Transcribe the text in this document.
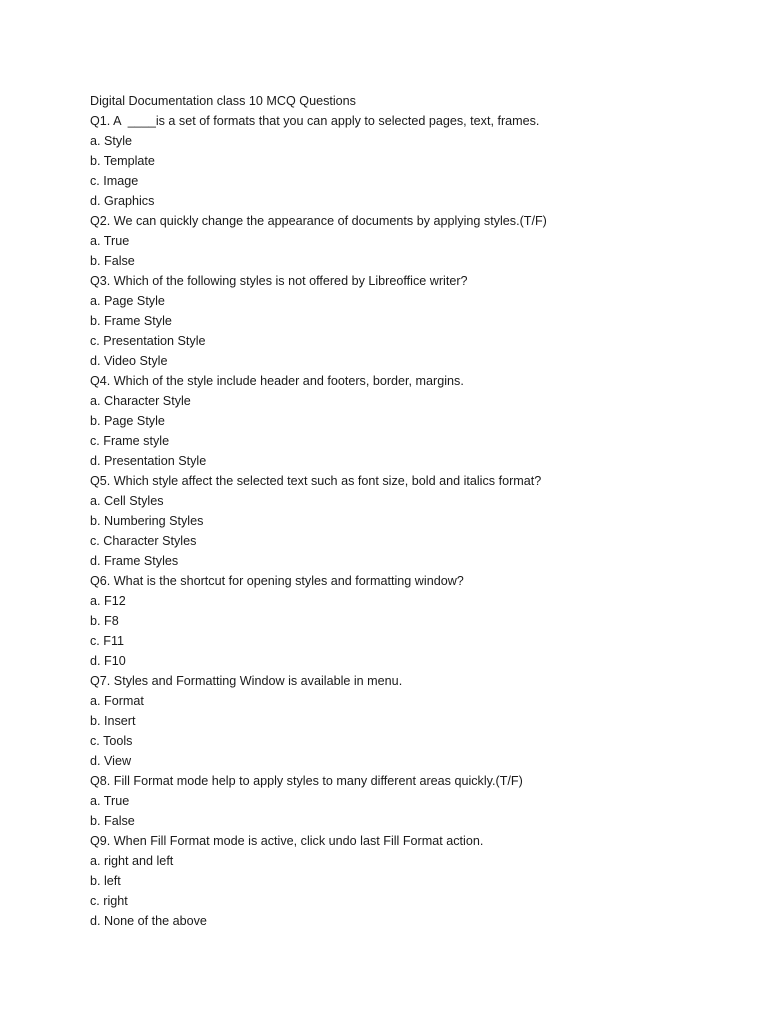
Digital Documentation class 10 MCQ Questions
Q1. A  ____is a set of formats that you can apply to selected pages, text, frames.
a. Style
b. Template
c. Image
d. Graphics
Q2. We can quickly change the appearance of documents by applying styles.(T/F)
a. True
b. False
Q3. Which of the following styles is not offered by Libreoffice writer?
a. Page Style
b. Frame Style
c. Presentation Style
d. Video Style
Q4. Which of the style include header and footers, border, margins.
a. Character Style
b. Page Style
c. Frame style
d. Presentation Style
Q5. Which style affect the selected text such as font size, bold and italics format?
a. Cell Styles
b. Numbering Styles
c. Character Styles
d. Frame Styles
Q6. What is the shortcut for opening styles and formatting window?
a. F12
b. F8
c. F11
d. F10
Q7. Styles and Formatting Window is available in menu.
a. Format
b. Insert
c. Tools
d. View
Q8. Fill Format mode help to apply styles to many different areas quickly.(T/F)
a. True
b. False
Q9. When Fill Format mode is active, click undo last Fill Format action.
a. right and left
b. left
c. right
d. None of the above
